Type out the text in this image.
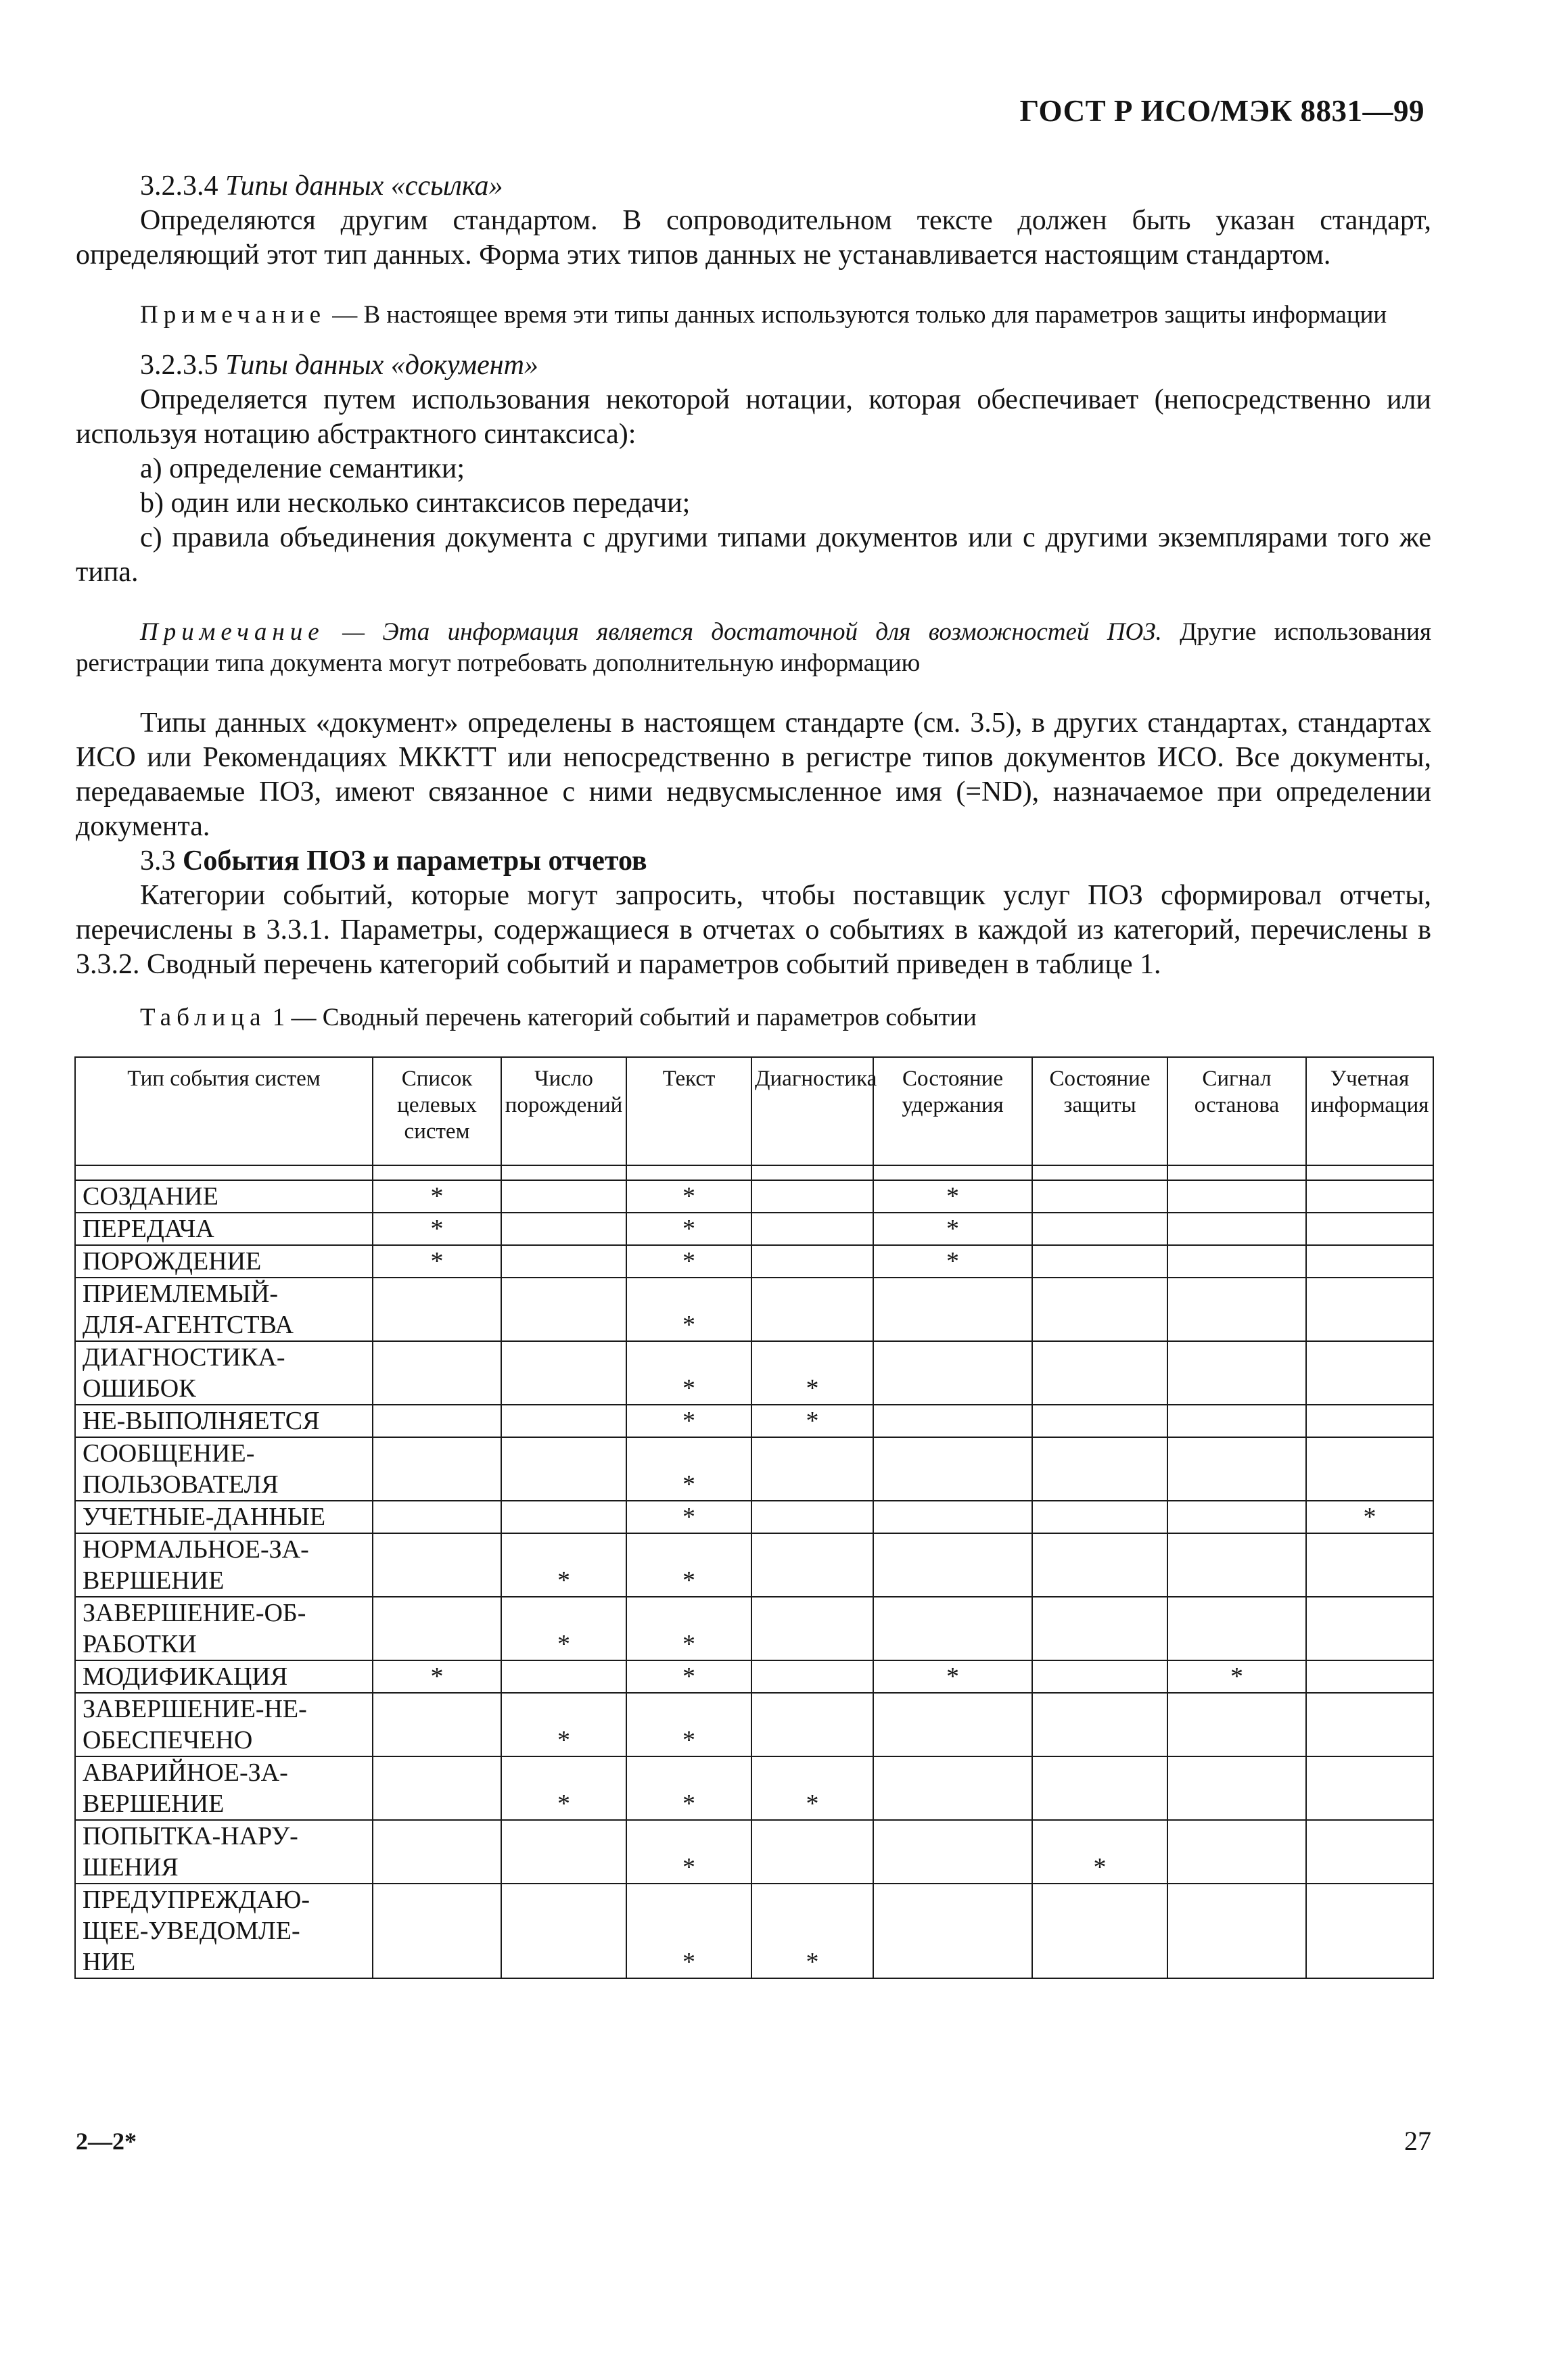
ГОСТ Р ИСО/МЭК 8831—99

3.2.3.4 Типы данных «ссылка»

Определяются другим стандартом. В сопроводительном тексте должен быть указан стандарт, определяющий этот тип данных. Форма этих типов данных не устанавливается настоящим стандартом.

Примечание — В настоящее время эти типы данных используются только для параметров защиты информации

3.2.3.5 Типы данных «документ»

Определяется путем использования некоторой нотации, которая обеспечивает (непосредственно или используя нотацию абстрактного синтаксиса):

a) определение семантики;

b) один или несколько синтаксисов передачи;

c) правила объединения документа с другими типами документов или с другими экземплярами того же типа.

Примечание — Эта информация является достаточной для возможностей ПОЗ. Другие использования регистрации типа документа могут потребовать дополнительную информацию

Типы данных «документ» определены в настоящем стандарте (см. 3.5), в других стандартах, стандартах ИСО или Рекомендациях МККТТ или непосредственно в регистре типов документов ИСО. Все документы, передаваемые ПОЗ, имеют связанное с ними недвусмысленное имя (=ND), назначаемое при определении документа.

3.3 События ПОЗ и параметры отчетов

Категории событий, которые могут запросить, чтобы поставщик услуг ПОЗ сформировал отчеты, перечислены в 3.3.1. Параметры, содержащиеся в отчетах о событиях в каждой из категорий, перечислены в 3.3.2. Сводный перечень категорий событий и параметров событий приведен в таблице 1.

Таблица 1 — Сводный перечень категорий событий и параметров событии

Тип события систем	Список целевых систем	Число порождений	Текст	Диагностика	Состояние удержания	Состояние защиты	Сигнал останова	Учетная информация

СОЗДАНИЕ	*		*		*			

ПЕРЕДАЧА	*		*		*			

ПОРОЖДЕНИЕ	*		*		*			

ПРИЕМЛЕМЫЙ-
ДЛЯ-АГЕНТСТВА			*					

ДИАГНОСТИКА-
ОШИБОК			*	*				

НЕ-ВЫПОЛНЯЕТСЯ			*	*				

СООБЩЕНИЕ-
ПОЛЬЗОВАТЕЛЯ			*					

УЧЕТНЫЕ-ДАННЫЕ			*					*

НОРМАЛЬНОЕ-ЗА-
ВЕРШЕНИЕ		*	*					

ЗАВЕРШЕНИЕ-ОБ-
РАБОТКИ		*	*					

МОДИФИКАЦИЯ	*		*		*		*	

ЗАВЕРШЕНИЕ-НЕ-
ОБЕСПЕЧЕНО		*	*					

АВАРИЙНОЕ-ЗА-
ВЕРШЕНИЕ		*	*	*				

ПОПЫТКА-НАРУ-
ШЕНИЯ			*			*		

ПРЕДУПРЕЖДАЮ-
ЩЕЕ-УВЕДОМЛЕ-
НИЕ			*	*				
2—2*	27
